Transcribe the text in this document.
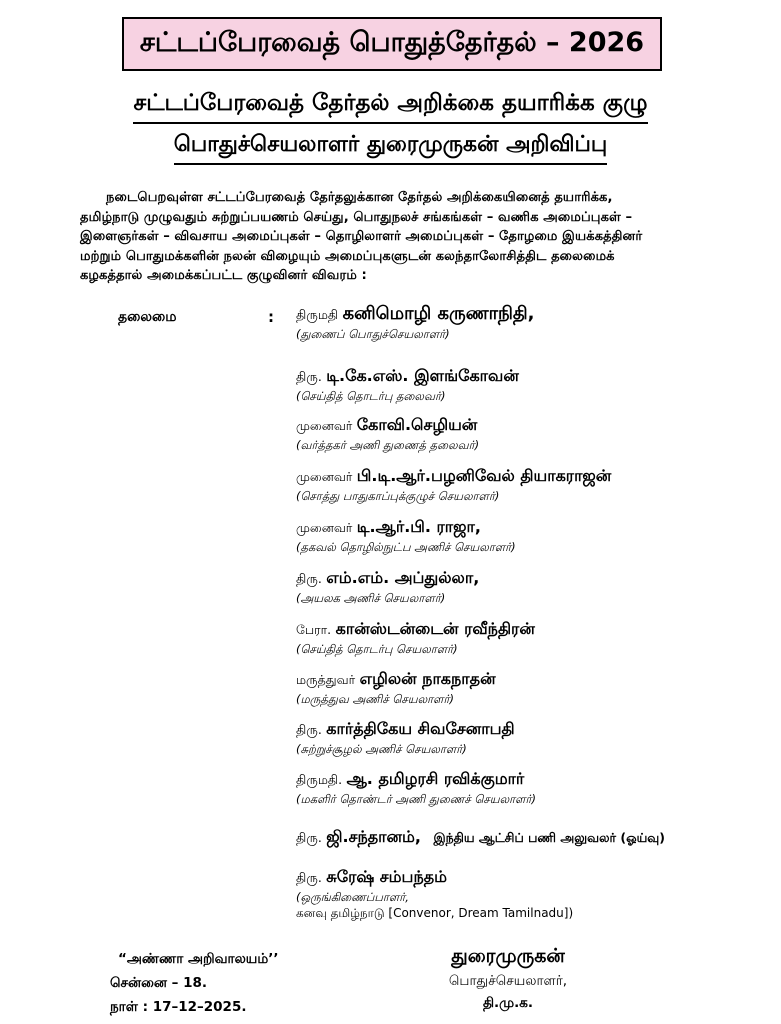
சட்டப்பேரவைத் பொதுத்தேர்தல் – 2026
சட்டப்பேரவைத் தேர்தல் அறிக்கை தயாரிக்க குழு
பொதுச்செயலாளர் துரைமுருகன் அறிவிப்பு
நடைபெறவுள்ள சட்டப்பேரவைத் தேர்தலுக்கான தேர்தல் அறிக்கையினைத் தயாரிக்க,
தமிழ்நாடு முழுவதும் சுற்றுப்பயணம் செய்து, பொதுநலச் சங்கங்கள் – வணிக அமைப்புகள் –
இளைஞர்கள் – விவசாய அமைப்புகள் – தொழிலாளர் அமைப்புகள் – தோழமை இயக்கத்தினர்
மற்றும் பொதுமக்களின் நலன் விழையும் அமைப்புகளுடன் கலந்தாலோசித்திட தலைமைக்
கழகத்தால் அமைக்கப்பட்ட குழுவினர் விவரம் :
தலைமை	: திருமதி கனிமொழி கருணாநிதி,
(துணைப் பொதுச்செயலாளர்)
திரு. டி.கே.எஸ். இளங்கோவன்
(செய்தித் தொடர்பு தலைவர்)
முனைவர் கோவி.செழியன்
(வர்த்தகர் அணி துணைத் தலைவர்)
முனைவர் பி.டி.ஆர்.பழனிவேல் தியாகராஜன்
(சொத்து பாதுகாப்புக்குழுச் செயலாளர்)
முனைவர் டி.ஆர்.பி. ராஜா,
(தகவல் தொழில்நுட்ப அணிச் செயலாளர்)
திரு. எம்.எம். அப்துல்லா,
(அயலக அணிச் செயலாளர்)
பேரா. கான்ஸ்டன்டைன் ரவீந்திரன்
(செய்தித் தொடர்பு செயலாளர்)
மருத்துவர் எழிலன் நாகநாதன்
(மருத்துவ அணிச் செயலாளர்)
திரு. கார்த்திகேய சிவசேனாபதி
(சுற்றுச்சூழல் அணிச் செயலாளர்)
திருமதி. ஆ. தமிழரசி ரவிக்குமார்
(மகளிர் தொண்டர் அணி துணைச் செயலாளர்)
திரு. ஜி.சந்தானம், இந்திய ஆட்சிப் பணி அலுவலர் (ஓய்வு)
திரு. சுரேஷ் சம்பந்தம்
(ஒருங்கிணைப்பாளர்,
கனவு தமிழ்நாடு [Convenor, Dream Tamilnadu])
“அண்ணா அறிவாலயம்’’
சென்னை – 18.
நாள் : 17–12–2025.
துரைமுருகன்
பொதுச்செயலாளர்,
தி.மு.க.
